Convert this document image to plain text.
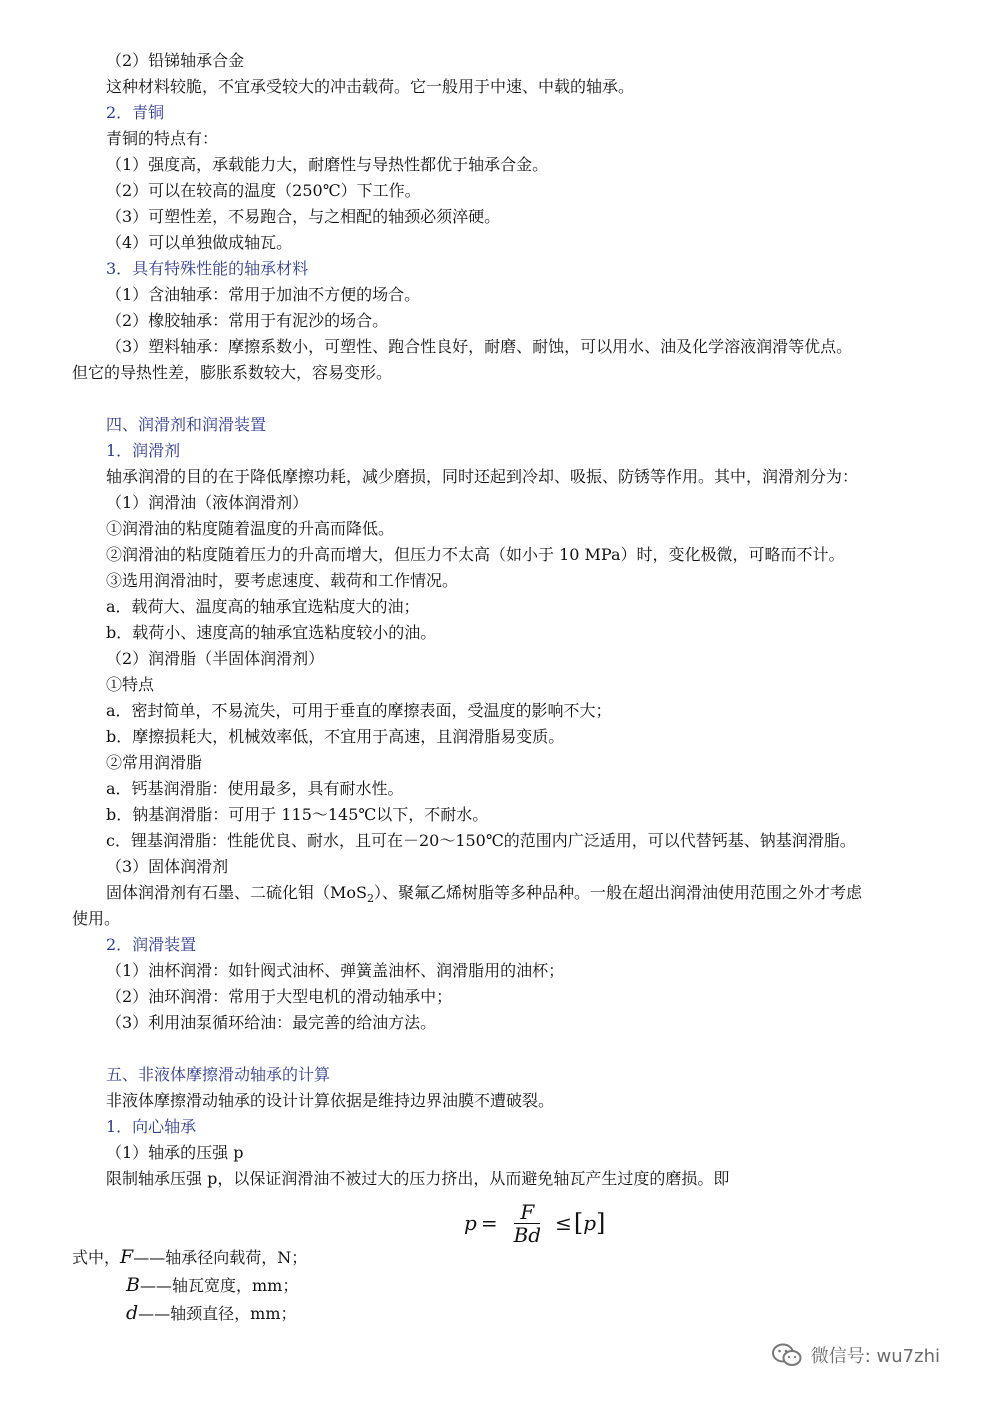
（2）铅锑轴承合金
这种材料较脆，不宜承受较大的冲击载荷。它一般用于中速、中载的轴承。
2．青铜
青铜的特点有：
（1）强度高，承载能力大，耐磨性与导热性都优于轴承合金。
（2）可以在较高的温度（250℃）下工作。
（3）可塑性差，不易跑合，与之相配的轴颈必须淬硬。
（4）可以单独做成轴瓦。
3．具有特殊性能的轴承材料
（1）含油轴承：常用于加油不方便的场合。
（2）橡胶轴承：常用于有泥沙的场合。
（3）塑料轴承：摩擦系数小，可塑性、跑合性良好，耐磨、耐蚀，可以用水、油及化学溶液润滑等优点。
但它的导热性差，膨胀系数较大，容易变形。
四、润滑剂和润滑装置
1．润滑剂
轴承润滑的目的在于降低摩擦功耗，减少磨损，同时还起到冷却、吸振、防锈等作用。其中，润滑剂分为：
（1）润滑油（液体润滑剂）
①润滑油的粘度随着温度的升高而降低。
②润滑油的粘度随着压力的升高而增大，但压力不太高（如小于 10 MPa）时，变化极微，可略而不计。
③选用润滑油时，要考虑速度、载荷和工作情况。
a．载荷大、温度高的轴承宜选粘度大的油；
b．载荷小、速度高的轴承宜选粘度较小的油。
（2）润滑脂（半固体润滑剂）
①特点
a．密封简单，不易流失，可用于垂直的摩擦表面，受温度的影响不大；
b．摩擦损耗大，机械效率低，不宜用于高速，且润滑脂易变质。
②常用润滑脂
a．钙基润滑脂：使用最多，具有耐水性。
b．钠基润滑脂：可用于 115～145℃以下，不耐水。
c．锂基润滑脂：性能优良、耐水，且可在－20～150℃的范围内广泛适用，可以代替钙基、钠基润滑脂。
（3）固体润滑剂
使用。
2．润滑装置
（1）油杯润滑：如针阀式油杯、弹簧盖油杯、润滑脂用的油杯；
（2）油环润滑：常用于大型电机的滑动轴承中；
（3）利用油泵循环给油：最完善的给油方法。
五、非液体摩擦滑动轴承的计算
非液体摩擦滑动轴承的设计计算依据是维持边界油膜不遭破裂。
1．向心轴承
（1）轴承的压强 p
限制轴承压强 p，以保证润滑油不被过大的压力挤出，从而避免轴瓦产生过度的磨损。即
固体润滑剂有石墨、二硫化钼（MoS$_2$）、聚氟乙烯树脂等多种品种。一般在超出润滑油使用范围之外才考虑
$p = \frac{F}{Bd}$ ≤ [ p ]
式中，F——轴承径向载荷，N；
B——轴瓦宽度，mm；
d——轴颈直径，mm；
微信号: wu7zhi
